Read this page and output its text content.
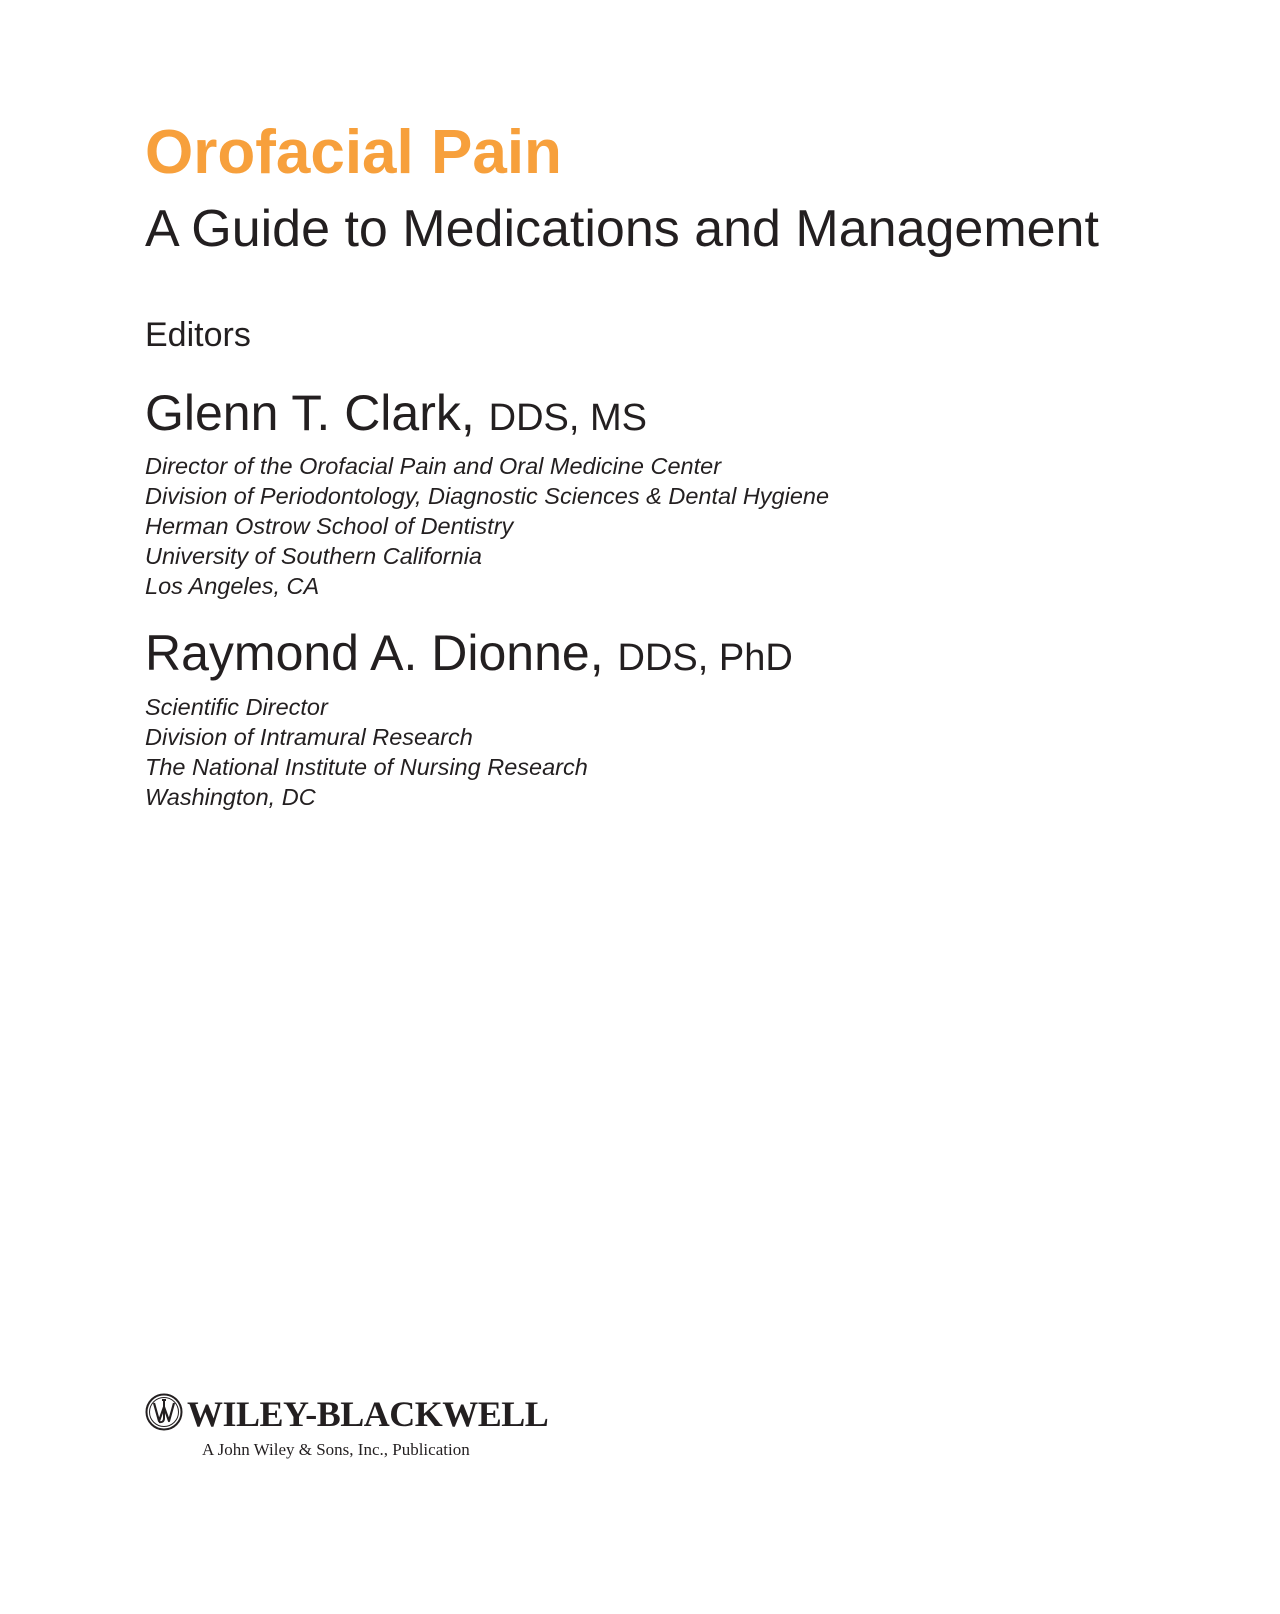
Orofacial Pain
A Guide to Medications and Management
Editors
Glenn T. Clark, DDS, MS
Director of the Orofacial Pain and Oral Medicine Center
Division of Periodontology, Diagnostic Sciences & Dental Hygiene
Herman Ostrow School of Dentistry
University of Southern California
Los Angeles, CA
Raymond A. Dionne, DDS, PhD
Scientific Director
Division of Intramural Research
The National Institute of Nursing Research
Washington, DC
WILEY-BLACKWELL
A John Wiley & Sons, Inc., Publication
